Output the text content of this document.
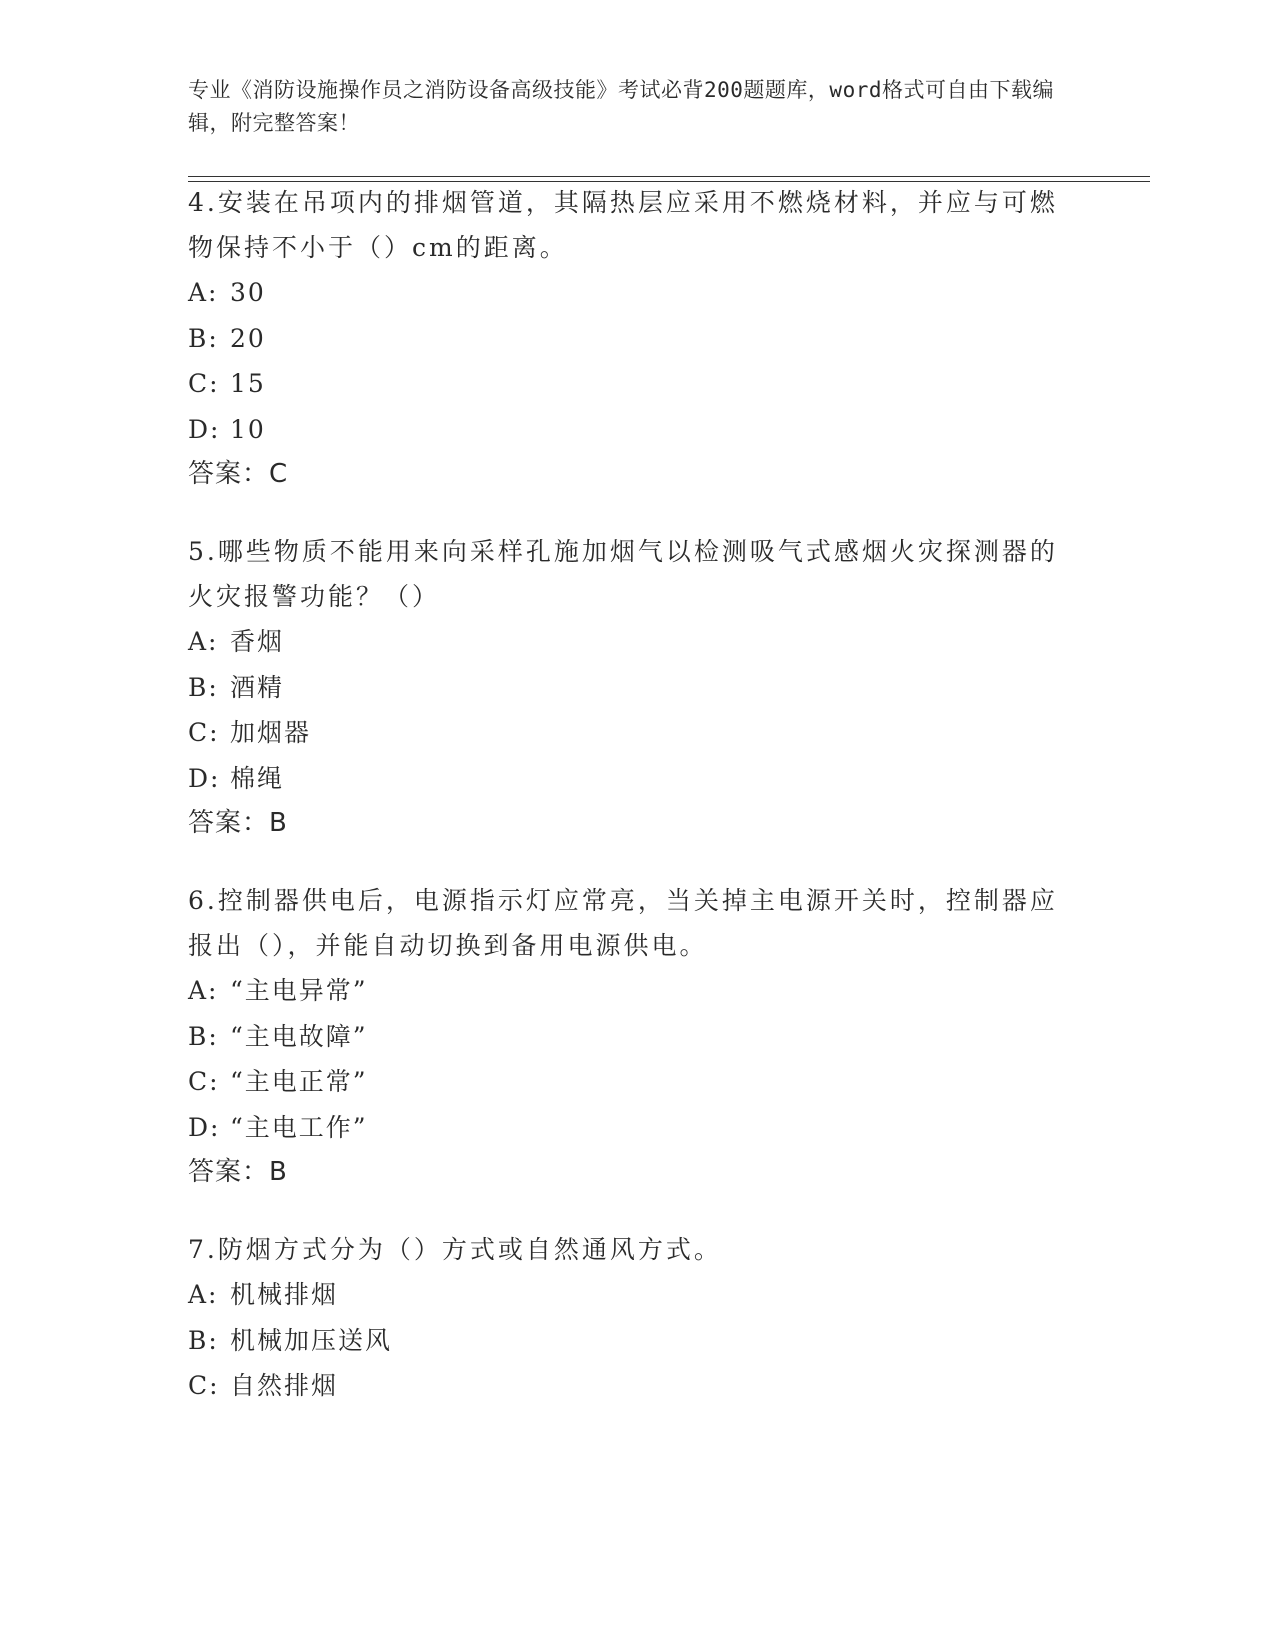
专业《消防设施操作员之消防设备高级技能》考试必背200题题库，word格式可自由下载编辑，附完整答案！

4.安装在吊项内的排烟管道，其隔热层应采用不燃烧材料，并应与可燃物保持不小于（）cm的距离。

A: 30
B: 20
C: 15
D: 10

答案：C

5.哪些物质不能用来向采样孔施加烟气以检测吸气式感烟火灾探测器的火灾报警功能？（）

A: 香烟
B: 酒精
C: 加烟器
D: 棉绳

答案：B

6.控制器供电后，电源指示灯应常亮，当关掉主电源开关时，控制器应报出（），并能自动切换到备用电源供电。

A: “主电异常”
B: “主电故障”
C: “主电正常”
D: “主电工作”

答案：B

7.防烟方式分为（）方式或自然通风方式。

A: 机械排烟
B: 机械加压送风
C: 自然排烟
